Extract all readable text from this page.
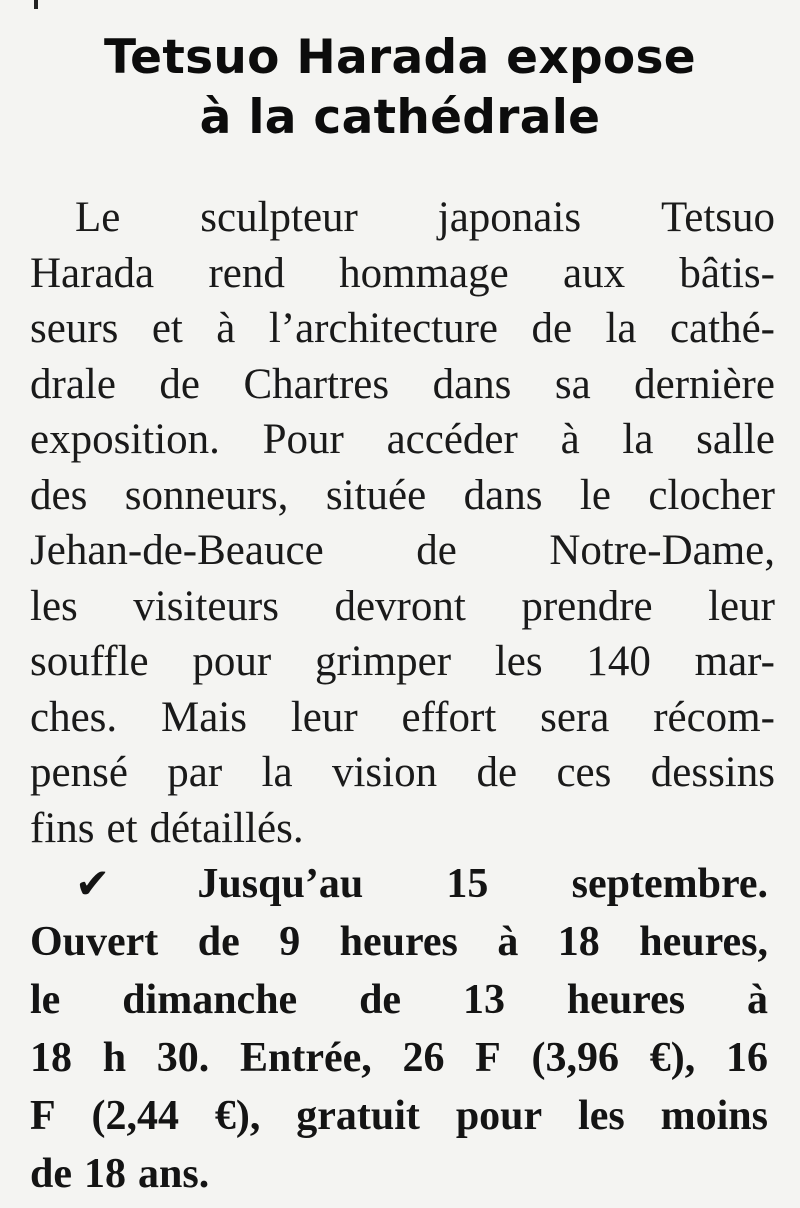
Tetsuo Harada expose
à la cathédrale
Le sculpteur japonais Tetsuo
Harada rend hommage aux bâtis-
seurs et à l’architecture de la cathé-
drale de Chartres dans sa dernière
exposition. Pour accéder à la salle
des sonneurs, située dans le clocher
Jehan-de-Beauce de Notre-Dame,
les visiteurs devront prendre leur
souffle pour grimper les 140 mar-
ches. Mais leur effort sera récom-
pensé par la vision de ces dessins
fins et détaillés.
✔ Jusqu’au 15 septembre.
Ouvert de 9 heures à 18 heures,
le dimanche de 13 heures à
18 h 30. Entrée, 26 F (3,96 €), 16
F (2,44 €), gratuit pour les moins
de 18 ans.
